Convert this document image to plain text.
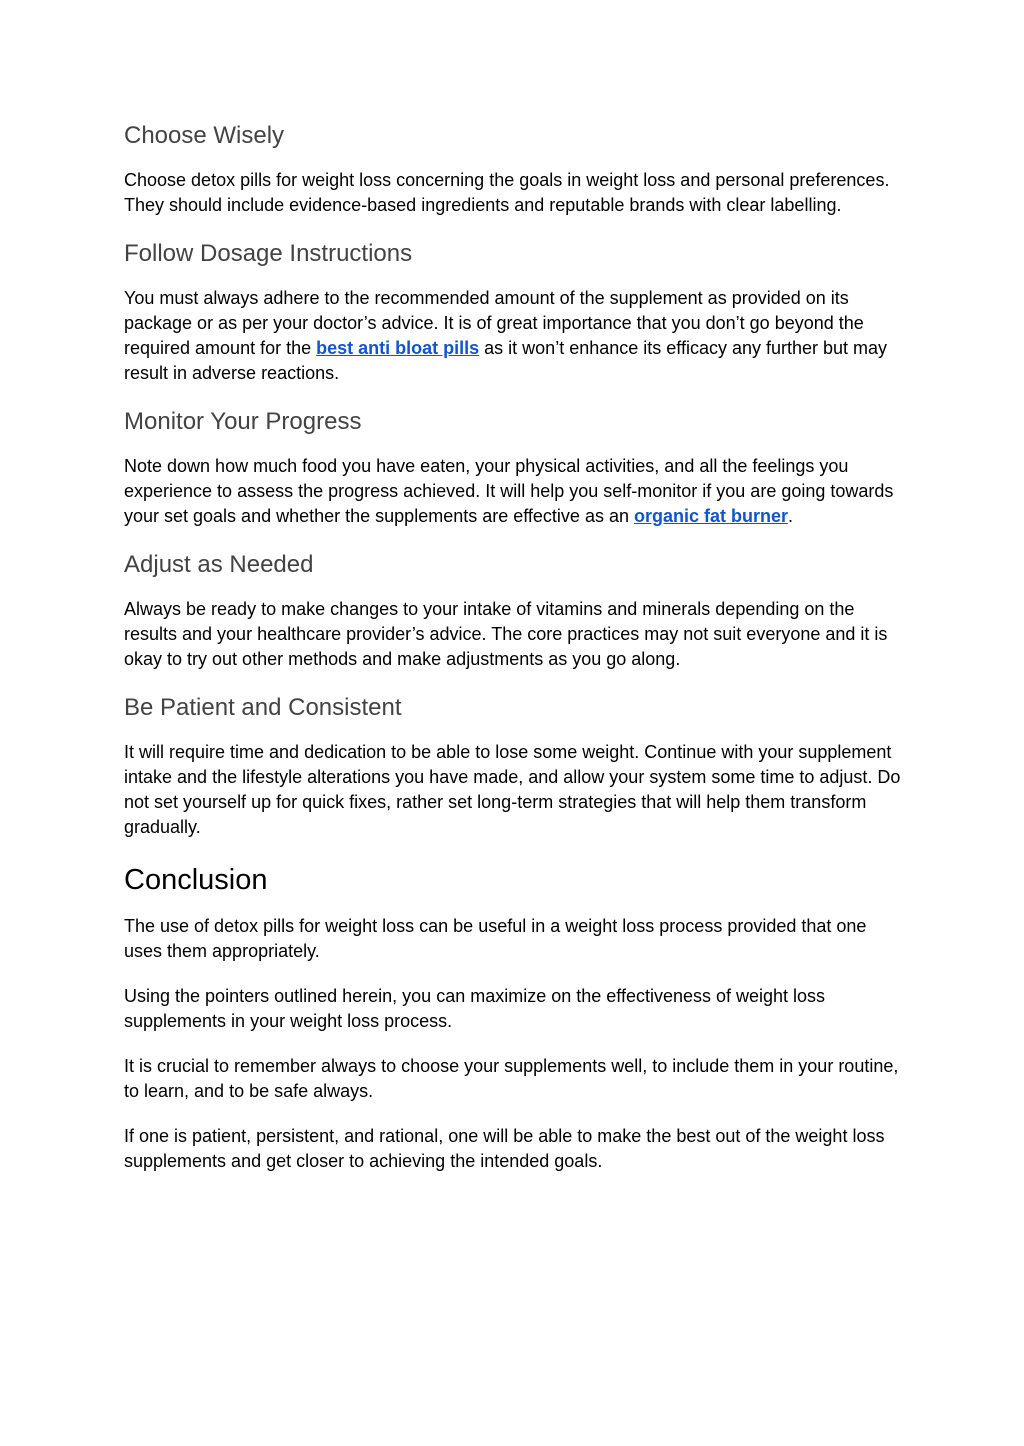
Choose Wisely

Choose detox pills for weight loss concerning the goals in weight loss and personal preferences. They should include evidence-based ingredients and reputable brands with clear labelling.

Follow Dosage Instructions

You must always adhere to the recommended amount of the supplement as provided on its package or as per your doctor’s advice. It is of great importance that you don’t go beyond the required amount for the best anti bloat pills as it won’t enhance its efficacy any further but may result in adverse reactions.

Monitor Your Progress

Note down how much food you have eaten, your physical activities, and all the feelings you experience to assess the progress achieved. It will help you self-monitor if you are going towards your set goals and whether the supplements are effective as an organic fat burner.

Adjust as Needed

Always be ready to make changes to your intake of vitamins and minerals depending on the results and your healthcare provider’s advice. The core practices may not suit everyone and it is okay to try out other methods and make adjustments as you go along.

Be Patient and Consistent

It will require time and dedication to be able to lose some weight. Continue with your supplement intake and the lifestyle alterations you have made, and allow your system some time to adjust. Do not set yourself up for quick fixes, rather set long-term strategies that will help them transform gradually.

Conclusion

The use of detox pills for weight loss can be useful in a weight loss process provided that one uses them appropriately.

Using the pointers outlined herein, you can maximize on the effectiveness of weight loss supplements in your weight loss process.

It is crucial to remember always to choose your supplements well, to include them in your routine, to learn, and to be safe always.

If one is patient, persistent, and rational, one will be able to make the best out of the weight loss supplements and get closer to achieving the intended goals.
